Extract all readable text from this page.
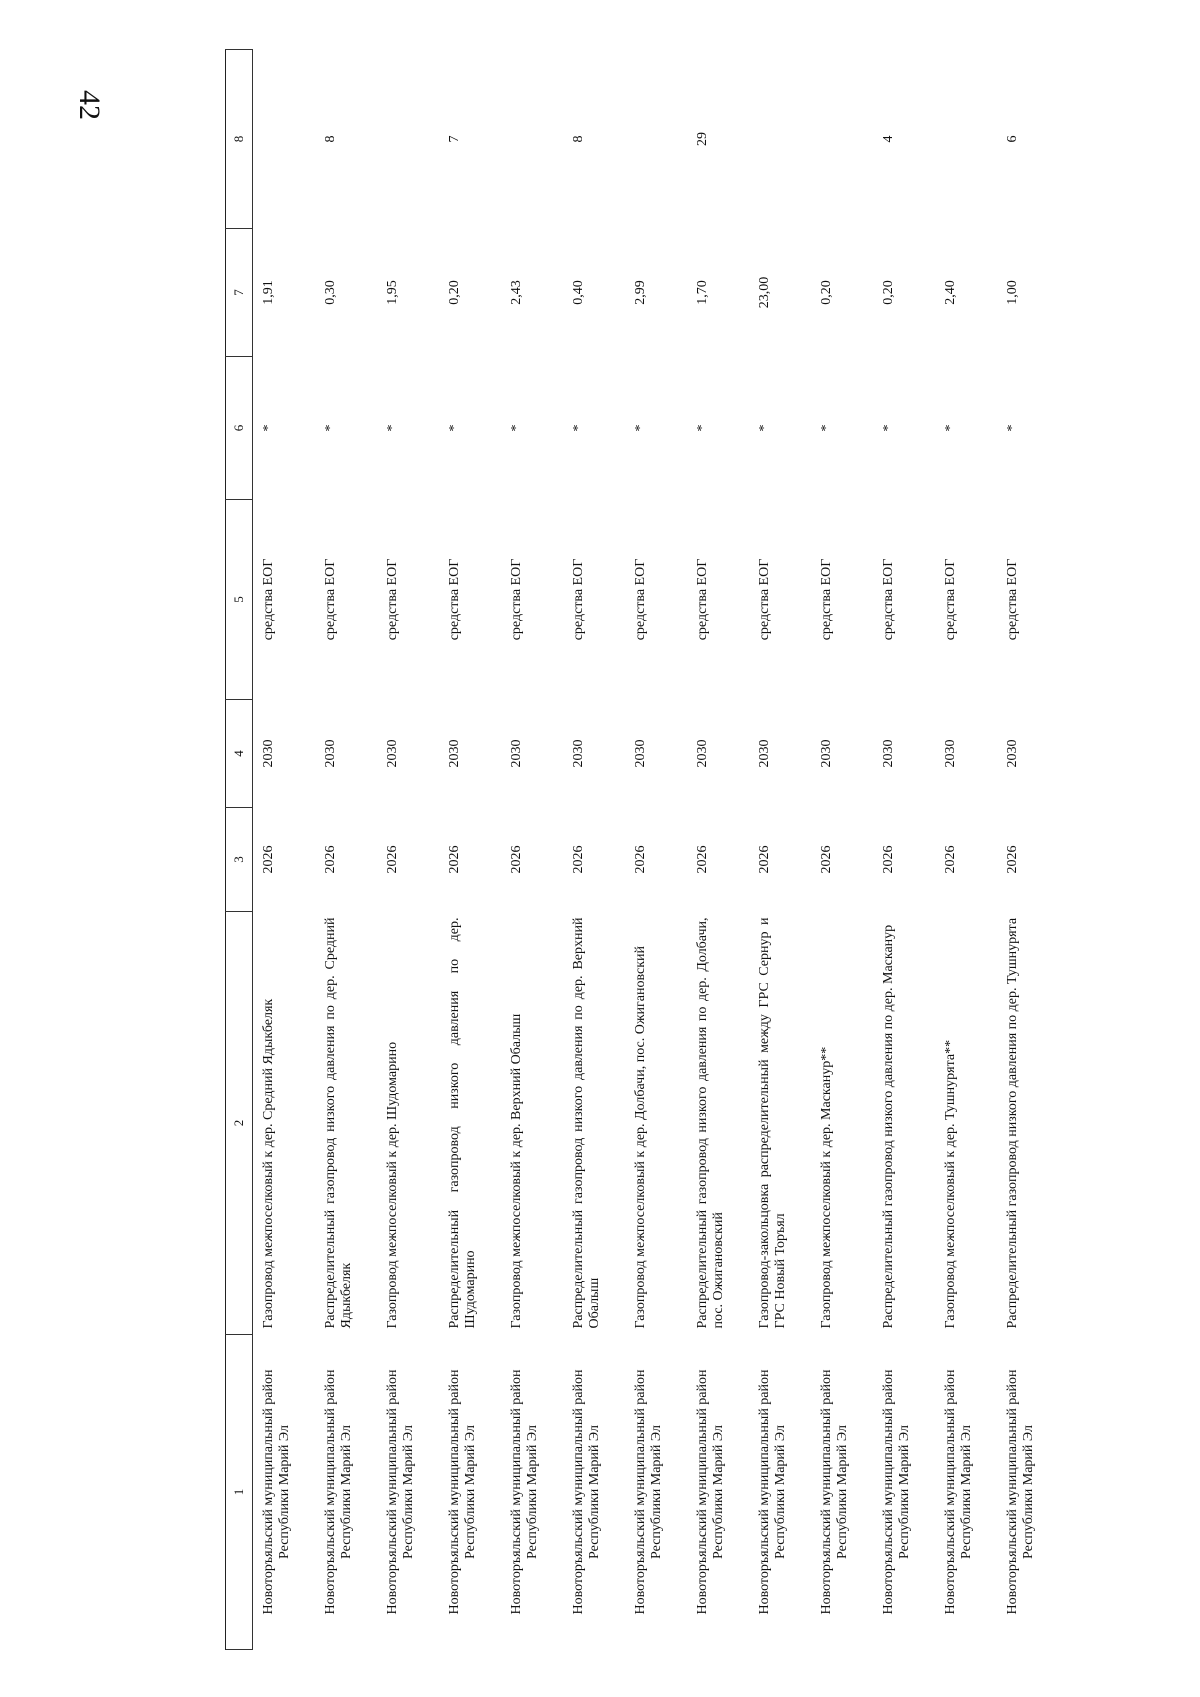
42
1	2	3	4	5	6	7	8
Новоторъяльский муниципальный район Республики Марий Эл	Газопровод межпоселковый к дер. Средний Ядыкбеляк	2026	2030	средства ЕОГ	*	1,91	
Новоторъяльский муниципальный район Республики Марий Эл	Распределительный газопровод низкого давления по дер. Средний Ядыкбеляк	2026	2030	средства ЕОГ	*	0,30	8
Новоторъяльский муниципальный район Республики Марий Эл	Газопровод межпоселковый к дер. Шудомарино	2026	2030	средства ЕОГ	*	1,95	
Новоторъяльский муниципальный район Республики Марий Эл	Распределительный газопровод низкого давления по дер. Шудомарино	2026	2030	средства ЕОГ	*	0,20	7
Новоторъяльский муниципальный район Республики Марий Эл	Газопровод межпоселковый к дер. Верхний Обалыш	2026	2030	средства ЕОГ	*	2,43	
Новоторъяльский муниципальный район Республики Марий Эл	Распределительный газопровод низкого давления по дер. Верхний Обалыш	2026	2030	средства ЕОГ	*	0,40	8
Новоторъяльский муниципальный район Республики Марий Эл	Газопровод межпоселковый к дер. Долбачи, пос. Ожигановский	2026	2030	средства ЕОГ	*	2,99	
Новоторъяльский муниципальный район Республики Марий Эл	Распределительный газопровод низкого давления по дер. Долбачи, пос. Ожигановский	2026	2030	средства ЕОГ	*	1,70	29
Новоторъяльский муниципальный район Республики Марий Эл	Газопровод-закольцовка распределительный между ГРС Сернур и ГРС Новый Торъял	2026	2030	средства ЕОГ	*	23,00	
Новоторъяльский муниципальный район Республики Марий Эл	Газопровод межпоселковый к дер. Масканур**	2026	2030	средства ЕОГ	*	0,20	
Новоторъяльский муниципальный район Республики Марий Эл	Распределительный газопровод низкого давления по дер. Масканур	2026	2030	средства ЕОГ	*	0,20	4
Новоторъяльский муниципальный район Республики Марий Эл	Газопровод межпоселковый к дер. Тушнурята**	2026	2030	средства ЕОГ	*	2,40	
Новоторъяльский муниципальный район Республики Марий Эл	Распределительный газопровод низкого давления по дер. Тушнурята	2026	2030	средства ЕОГ	*	1,00	6
